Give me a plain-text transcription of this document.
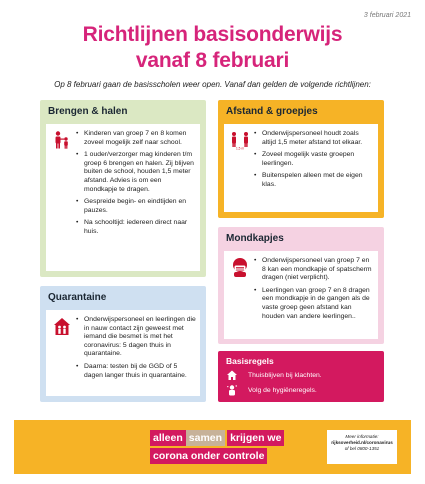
3 februari 2021
Richtlijnen basisonderwijs
vanaf 8 februari
Op 8 februari gaan de basisscholen weer open. Vanaf dan gelden de volgende richtlijnen:
Brengen & halen
• Kinderen van groep 7 en 8 komen zoveel mogelijk zelf naar school.
• 1 ouder/verzorger mag kinderen t/m groep 6 brengen en halen. Zij blijven buiten de school, houden 1,5 meter afstand. Advies is om een mondkapje te dragen.
• Gespreide begin- en eindtijden en pauzes.
• Na schooltijd: iedereen direct naar huis.
Afstand & groepjes
1,5 m
• Onderwijspersoneel houdt zoals altijd 1,5 meter afstand tot elkaar.
• Zoveel mogelijk vaste groepen leerlingen.
• Buitenspelen alleen met de eigen klas.
Mondkapjes
• Onderwijspersoneel van groep 7 en 8 kan een mondkapje of spatscherm dragen (niet verplicht).
• Leerlingen van groep 7 en 8 dragen een mondkapje in de gangen als de vaste groep geen afstand kan houden van andere leerlingen..
Quarantaine
• Onderwijspersoneel en leerlingen die in nauw contact zijn geweest met iemand die besmet is met het coronavirus: 5 dagen thuis in quarantaine.
• Daarna: testen bij de GGD of 5 dagen langer thuis in quarantaine.
Basisregels
Thuisblijven bij klachten.
Volg de hygiëneregels.
alleen samen krijgen we
corona onder controle
Meer informatie:
rijksoverheid.nl/coronavirus
of bel 0800-1351
